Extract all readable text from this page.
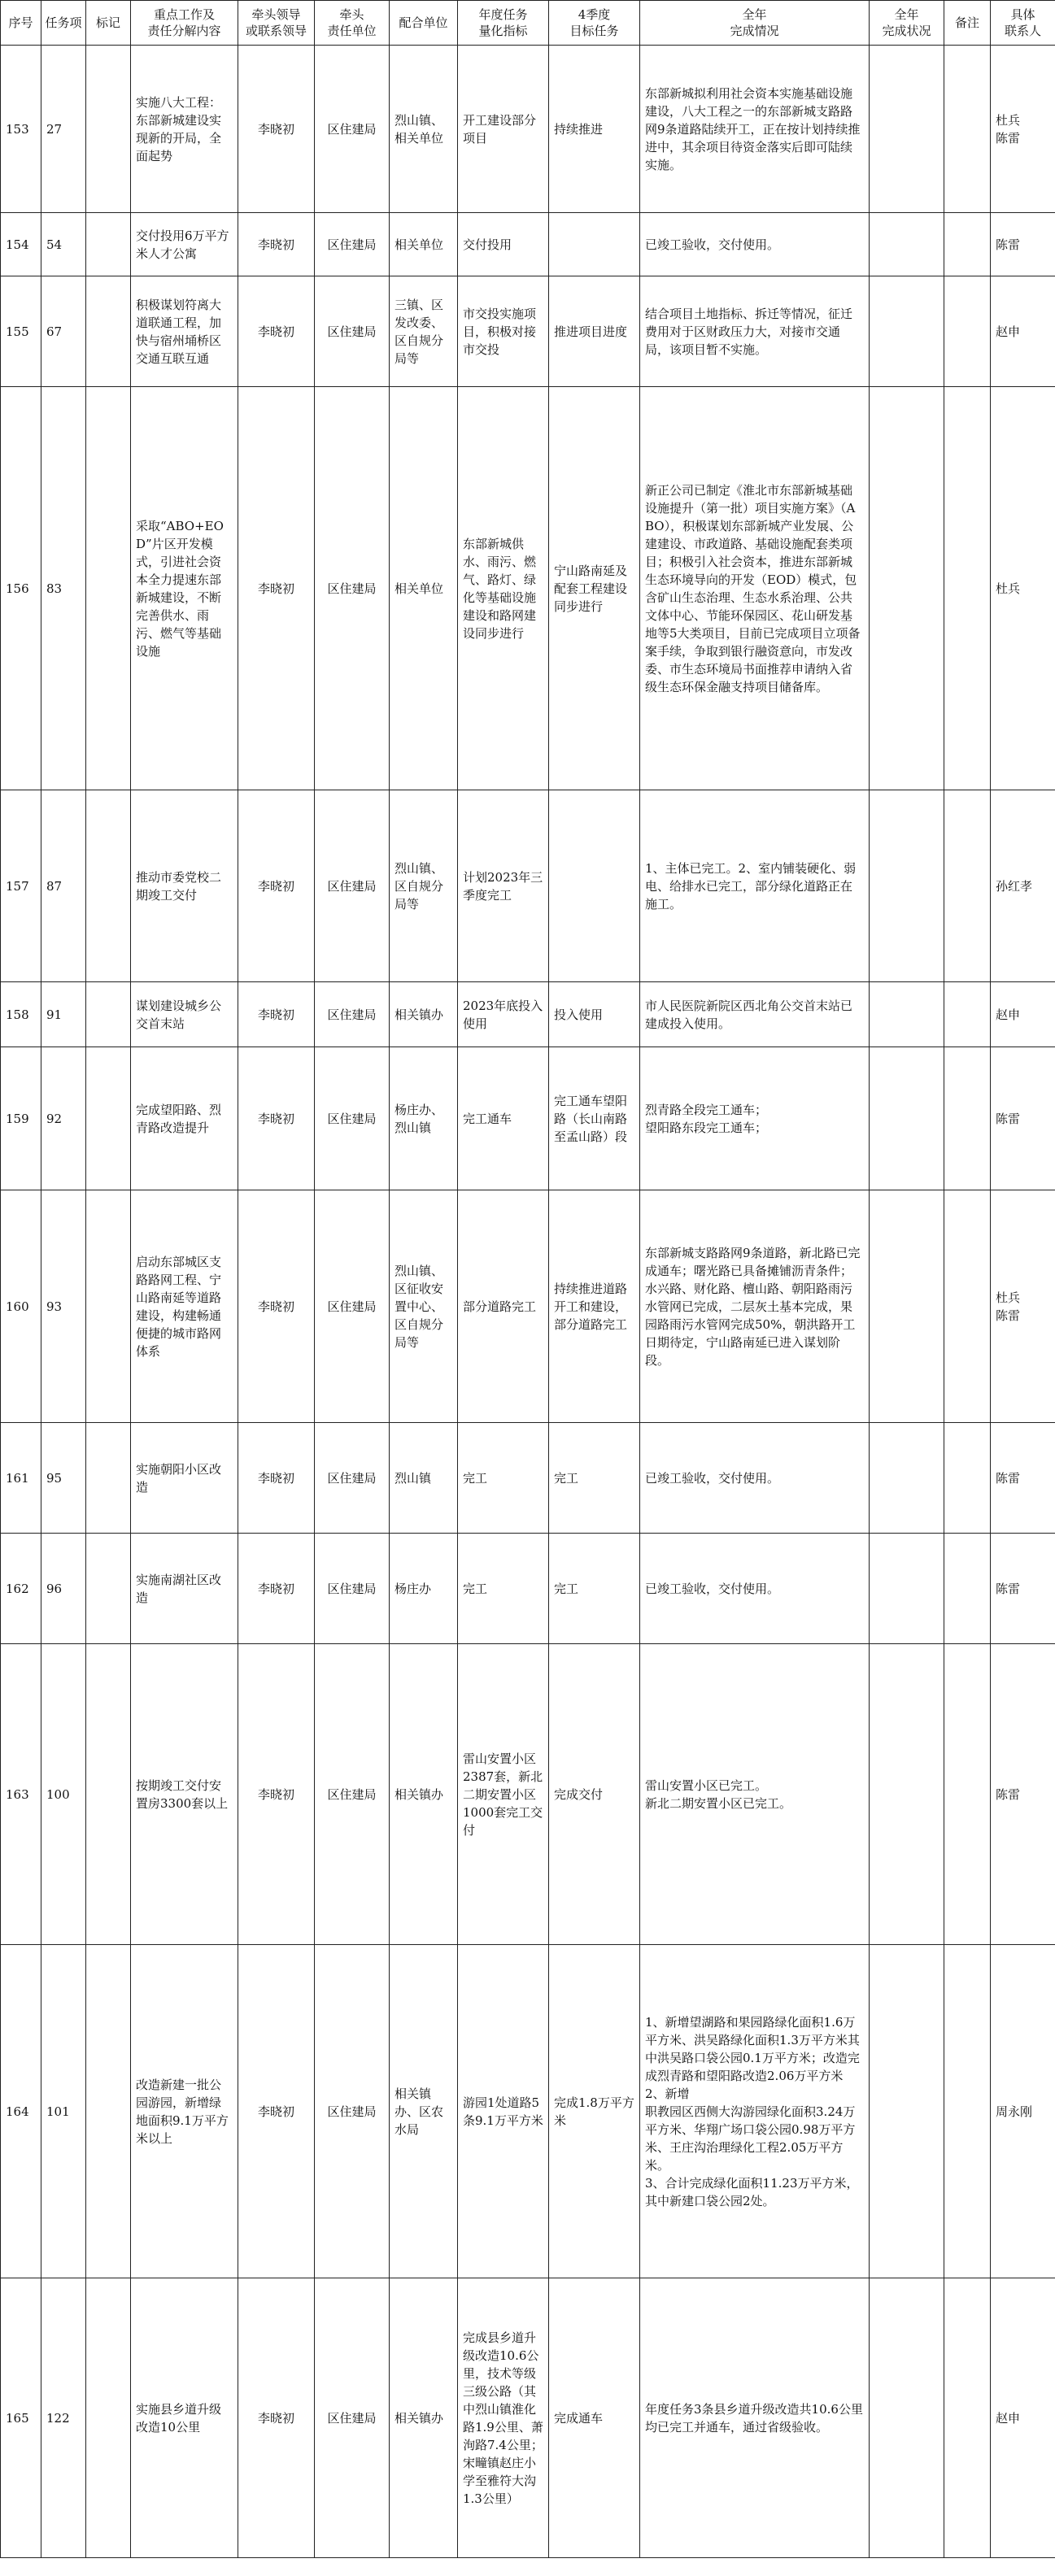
序号	任务项	标记	重点工作及
责任分解内容	牵头领导
或联系领导	牵头
责任单位	配合单位	年度任务
量化指标	4季度
目标任务	全年
完成情况	全年
完成状况	备注	具体
联系人
153	27		实施八大工程：东部新城建设实现新的开局，全面起势	李晓初	区住建局	烈山镇、相关单位	开工建设部分项目	持续推进	东部新城拟利用社会资本实施基础设施建设，八大工程之一的东部新城支路路网9条道路陆续开工，正在按计划持续推进中，其余项目待资金落实后即可陆续实施。			杜兵
陈雷
154	54		交付投用6万平方米人才公寓	李晓初	区住建局	相关单位	交付投用		已竣工验收，交付使用。			陈雷
155	67		积极谋划符离大道联通工程，加快与宿州埇桥区交通互联互通	李晓初	区住建局	三镇、区发改委、区自规分局等	市交投实施项目，积极对接市交投	推进项目进度	结合项目土地指标、拆迁等情况，征迁费用对于区财政压力大，对接市交通局，该项目暂不实施。			赵申
156	83		采取“ABO+EOD”片区开发模式，引进社会资本全力提速东部新城建设，不断完善供水、雨污、燃气等基础设施	李晓初	区住建局	相关单位	东部新城供水、雨污、燃气、路灯、绿化等基础设施建设和路网建设同步进行	宁山路南延及配套工程建设同步进行	新正公司已制定《淮北市东部新城基础设施提升（第一批）项目实施方案》（ABO），积极谋划东部新城产业发展、公建建设、市政道路、基础设施配套类项目；积极引入社会资本，推进东部新城生态环境导向的开发（EOD）模式，包含矿山生态治理、生态水系治理、公共文体中心、节能环保园区、花山研发基地等5大类项目，目前已完成项目立项备案手续，争取到银行融资意向，市发改委、市生态环境局书面推荐申请纳入省级生态环保金融支持项目储备库。			杜兵
157	87		推动市委党校二期竣工交付	李晓初	区住建局	烈山镇、区自规分局等	计划2023年三季度完工		1、主体已完工。2、室内铺装硬化、弱电、给排水已完工，部分绿化道路正在施工。			孙红孝
158	91		谋划建设城乡公交首末站	李晓初	区住建局	相关镇办	2023年底投入使用	投入使用	市人民医院新院区西北角公交首末站已建成投入使用。			赵申
159	92		完成望阳路、烈青路改造提升	李晓初	区住建局	杨庄办、烈山镇	完工通车	完工通车望阳路（长山南路至孟山路）段	烈青路全段完工通车；
望阳路东段完工通车；			陈雷
160	93		启动东部城区支路路网工程、宁山路南延等道路建设，构建畅通便捷的城市路网体系	李晓初	区住建局	烈山镇、区征收安置中心、区自规分局等	部分道路完工	持续推进道路开工和建设，部分道路完工	东部新城支路路网9条道路，新北路已完成通车；曙光路已具备摊铺沥青条件；水兴路、财化路、檀山路、朝阳路雨污水管网已完成，二层灰土基本完成，果园路雨污水管网完成50%，朝洪路开工日期待定，宁山路南延已进入谋划阶段。			杜兵
陈雷
161	95		实施朝阳小区改造	李晓初	区住建局	烈山镇	完工	完工	已竣工验收，交付使用。			陈雷
162	96		实施南湖社区改造	李晓初	区住建局	杨庄办	完工	完工	已竣工验收，交付使用。			陈雷
163	100		按期竣工交付安置房3300套以上	李晓初	区住建局	相关镇办	雷山安置小区2387套，新北二期安置小区1000套完工交付	完成交付	雷山安置小区已完工。
新北二期安置小区已完工。			陈雷
164	101		改造新建一批公园游园，新增绿地面积9.1万平方米以上	李晓初	区住建局	相关镇办、区农水局	游园1处道路5条9.1万平方米	完成1.8万平方米	1、新增望湖路和果园路绿化面积1.6万平方米、洪吴路绿化面积1.3万平方米其中洪吴路口袋公园0.1万平方米；改造完成烈青路和望阳路改造2.06万平方米
2、新增
职教园区西侧大沟游园绿化面积3.24万平方米、华翔广场口袋公园0.98万平方米、王庄沟治理绿化工程2.05万平方米。
3、合计完成绿化面积11.23万平方米，其中新建口袋公园2处。			周永刚
165	122		实施县乡道升级改造10公里	李晓初	区住建局	相关镇办	完成县乡道升级改造10.6公里，技术等级三级公路（其中烈山镇淮化路1.9公里、萧洵路7.4公里；宋疃镇赵庄小学至雅符大沟1.3公里）	完成通车	年度任务3条县乡道升级改造共10.6公里均已完工并通车，通过省级验收。			赵申
